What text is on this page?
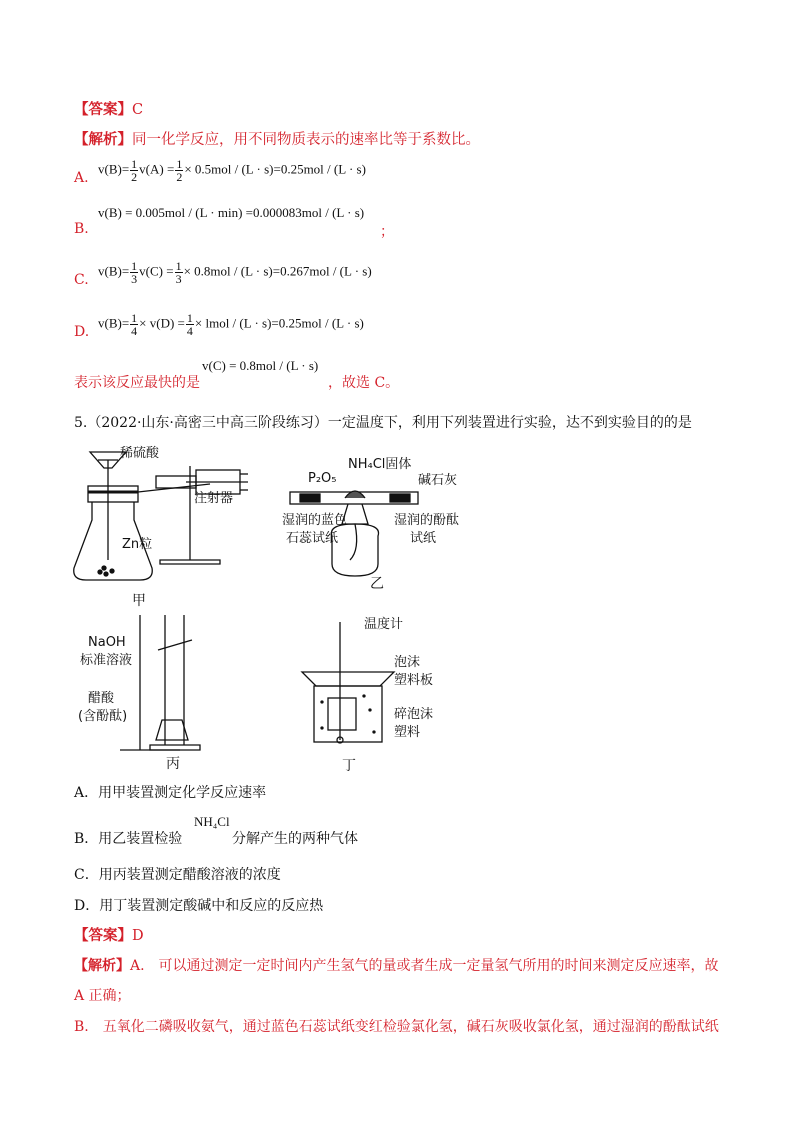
【答案】C
【解析】同一化学反应，用不同物质表示的速率比等于系数比。
A.
$v(B)= \frac{1}{2} v(A) = \frac{1}{2} \times 0.5mol / (L \cdot s)=0.25mol / (L \cdot s)$
v(B) = 0.005mol / (L · min) =0.000083mol / (L · s)
B.	；
C.
$v(B)= \frac{1}{3} v(C) = \frac{1}{3} \times 0.8mol / (L \cdot s)=0.267mol / (L \cdot s)$
D.
$v(B)= \frac{1}{4} \times v(D) = \frac{1}{4}$ × lmol / (L · s)=0.25mol / (L · s)
表示该反应最快的是
v(C) = 0.8mol / (L · s)
，故选 C。
5.（2022·山东·高密三中高三阶段练习）一定温度下，利用下列装置进行实验，达不到实验目的的是
稀硫酸
注射器
Zn粒
甲
P₂O₅
NH₄Cl固体
碱石灰
湿润的蓝色
石蕊试纸
湿润的酚酞
试纸
乙
NaOH
标准溶液
醋酸
(含酚酞)
丙
温度计
泡沫
塑料板
碎泡沫
塑料
丁
A．用甲装置测定化学反应速率
B．用乙装置检验
NH₄Cl
分解产生的两种气体
C．用丙装置测定醋酸溶液的浓度
D．用丁装置测定酸碱中和反应的反应热
【答案】D
【解析】A.　可以通过测定一定时间内产生氢气的量或者生成一定量氢气所用的时间来测定反应速率，故
A 正确；
B.　五氧化二磷吸收氨气，通过蓝色石蕊试纸变红检验氯化氢，碱石灰吸收氯化氢，通过湿润的酚酞试纸
